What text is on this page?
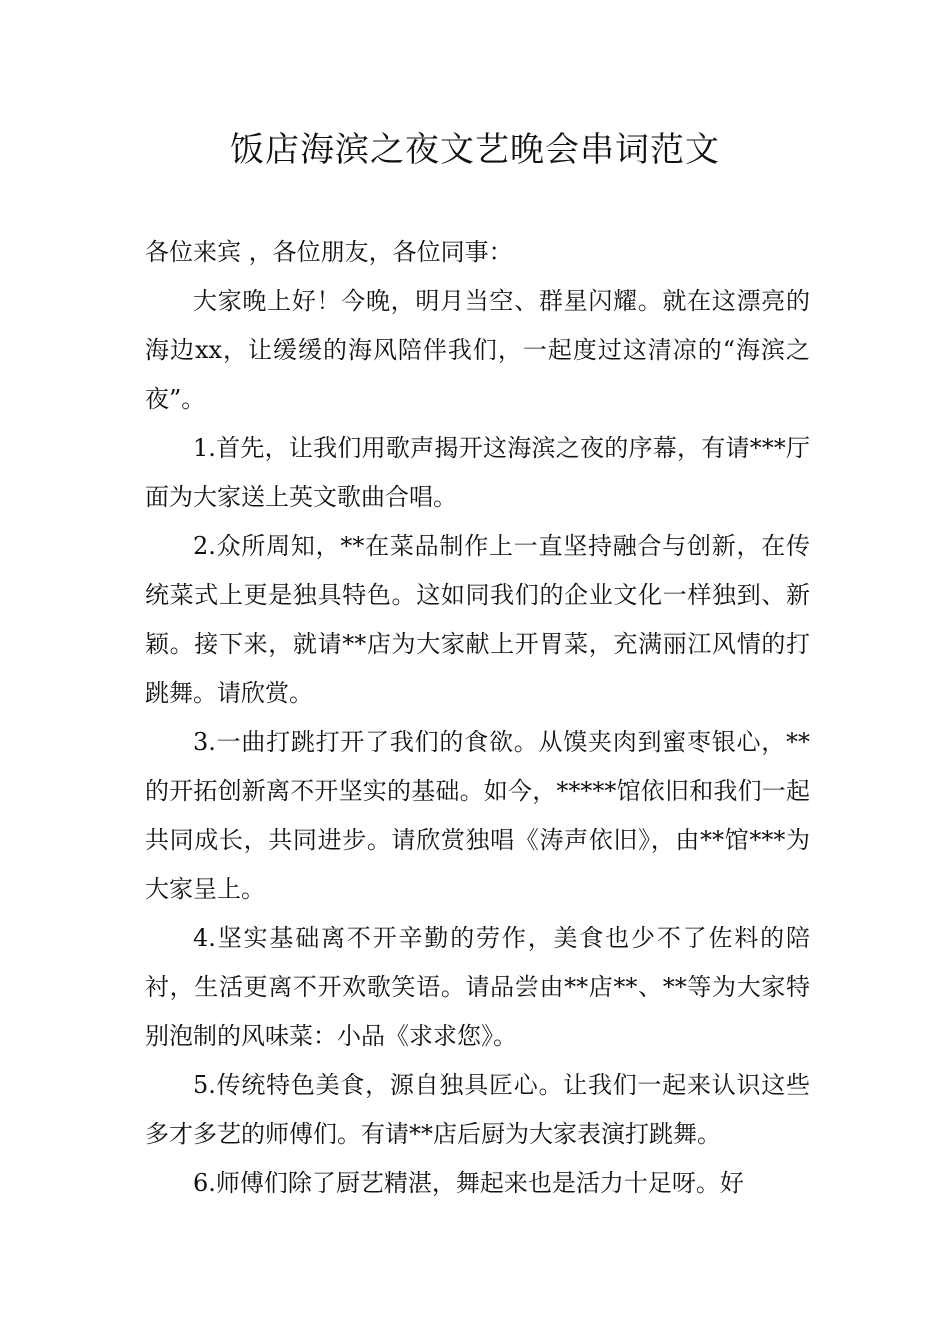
饭店海滨之夜文艺晚会串词范文

各位来宾 ，各位朋友，各位同事：

大家晚上好！今晚，明月当空、群星闪耀。就在这漂亮的海边xx，让缓缓的海风陪伴我们，一起度过这清凉的“海滨之夜”。

1.首先，让我们用歌声揭开这海滨之夜的序幕，有请***厅面为大家送上英文歌曲合唱。

2.众所周知，**在菜品制作上一直坚持融合与创新，在传统菜式上更是独具特色。这如同我们的企业文化一样独到、新颖。接下来，就请**店为大家献上开胃菜，充满丽江风情的打跳舞。请欣赏。

3.一曲打跳打开了我们的食欲。从馍夹肉到蜜枣银心，**的开拓创新离不开坚实的基础。如今，*****馆依旧和我们一起共同成长，共同进步。请欣赏独唱《涛声依旧》，由**馆***为大家呈上。

4.坚实基础离不开辛勤的劳作，美食也少不了佐料的陪衬，生活更离不开欢歌笑语。请品尝由**店**、**等为大家特别泡制的风味菜：小品《求求您》。

5.传统特色美食，源自独具匠心。让我们一起来认识这些多才多艺的师傅们。有请**店后厨为大家表演打跳舞。

6.师傅们除了厨艺精湛，舞起来也是活力十足呀。好
